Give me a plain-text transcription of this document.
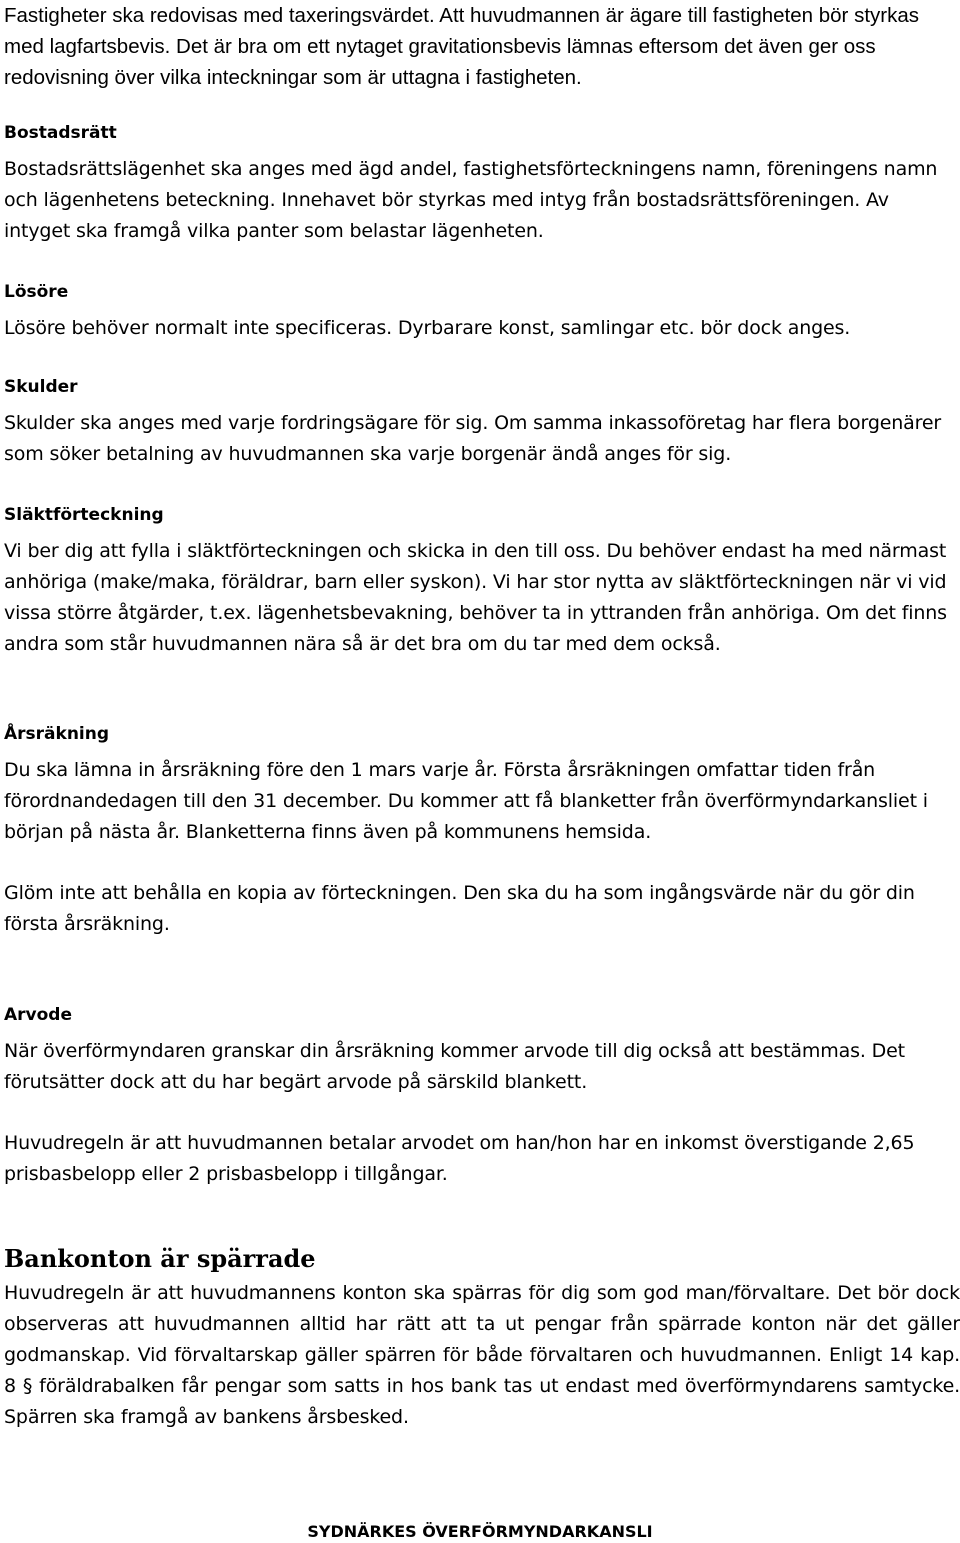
Fastigheter ska redovisas med taxeringsvärdet. Att huvudmannen är ägare till fastigheten bör styrkas med lagfartsbevis. Det är bra om ett nytaget gravitationsbevis lämnas eftersom det även ger oss redovisning över vilka inteckningar som är uttagna i fastigheten.

Bostadsrätt

Bostadsrättslägenhet ska anges med ägd andel, fastighetsförteckningens namn, föreningens namn och lägenhetens beteckning. Innehavet bör styrkas med intyg från bostadsrättsföreningen. Av intyget ska framgå vilka panter som belastar lägenheten.

Lösöre

Lösöre behöver normalt inte specificeras. Dyrbarare konst, samlingar etc. bör dock anges.

Skulder

Skulder ska anges med varje fordringsägare för sig. Om samma inkassoföretag har flera borgenärer som söker betalning av huvudmannen ska varje borgenär ändå anges för sig.

Släktförteckning

Vi ber dig att fylla i släktförteckningen och skicka in den till oss. Du behöver endast ha med närmast anhöriga (make/maka, föräldrar, barn eller syskon). Vi har stor nytta av släktförteckningen när vi vid vissa större åtgärder, t.ex. lägenhetsbevakning, behöver ta in yttranden från anhöriga. Om det finns andra som står huvudmannen nära så är det bra om du tar med dem också.

Årsräkning

Du ska lämna in årsräkning före den 1 mars varje år. Första årsräkningen omfattar tiden från förordnandedagen till den 31 december. Du kommer att få blanketter från överförmyndarkansliet i början på nästa år. Blanketterna finns även på kommunens hemsida.

Glöm inte att behålla en kopia av förteckningen. Den ska du ha som ingångsvärde när du gör din första årsräkning.

Arvode

När överförmyndaren granskar din årsräkning kommer arvode till dig också att bestämmas. Det förutsätter dock att du har begärt arvode på särskild blankett.

Huvudregeln är att huvudmannen betalar arvodet om han/hon har en inkomst överstigande 2,65 prisbasbelopp eller 2 prisbasbelopp i tillgångar.

Bankonton är spärrade

Huvudregeln är att huvudmannens konton ska spärras för dig som god man/förvaltare. Det bör dock observeras att huvudmannen alltid har rätt att ta ut pengar från spärrade konton när det gäller godmanskap. Vid förvaltarskap gäller spärren för både förvaltaren och huvudmannen. Enligt 14 kap. 8 § föräldrabalken får pengar som satts in hos bank tas ut endast med överförmyndarens samtycke. Spärren ska framgå av bankens årsbesked.

SYDNÄRKES ÖVERFÖRMYNDARKANSLI
